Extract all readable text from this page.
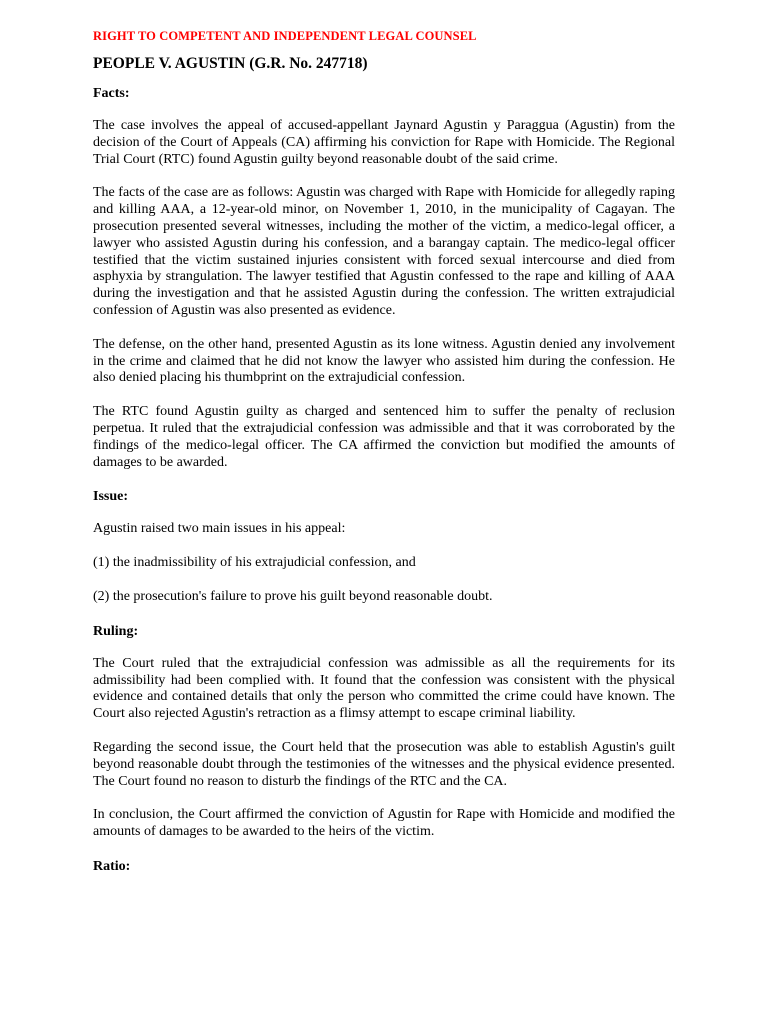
RIGHT TO COMPETENT AND INDEPENDENT LEGAL COUNSEL
PEOPLE V. AGUSTIN (G.R. No. 247718)
Facts:

The case involves the appeal of accused-appellant Jaynard Agustin y Paraggua (Agustin) from the decision of the Court of Appeals (CA) affirming his conviction for Rape with Homicide. The Regional Trial Court (RTC) found Agustin guilty beyond reasonable doubt of the said crime.

The facts of the case are as follows: Agustin was charged with Rape with Homicide for allegedly raping and killing AAA, a 12-year-old minor, on November 1, 2010, in the municipality of Cagayan. The prosecution presented several witnesses, including the mother of the victim, a medico-legal officer, a lawyer who assisted Agustin during his confession, and a barangay captain. The medico-legal officer testified that the victim sustained injuries consistent with forced sexual intercourse and died from asphyxia by strangulation. The lawyer testified that Agustin confessed to the rape and killing of AAA during the investigation and that he assisted Agustin during the confession. The written extrajudicial confession of Agustin was also presented as evidence.

The defense, on the other hand, presented Agustin as its lone witness. Agustin denied any involvement in the crime and claimed that he did not know the lawyer who assisted him during the confession. He also denied placing his thumbprint on the extrajudicial confession.

The RTC found Agustin guilty as charged and sentenced him to suffer the penalty of reclusion perpetua. It ruled that the extrajudicial confession was admissible and that it was corroborated by the findings of the medico-legal officer. The CA affirmed the conviction but modified the amounts of damages to be awarded.

Issue:

Agustin raised two main issues in his appeal:

(1) the inadmissibility of his extrajudicial confession, and

(2) the prosecution's failure to prove his guilt beyond reasonable doubt.

Ruling:

The Court ruled that the extrajudicial confession was admissible as all the requirements for its admissibility had been complied with. It found that the confession was consistent with the physical evidence and contained details that only the person who committed the crime could have known. The Court also rejected Agustin's retraction as a flimsy attempt to escape criminal liability.

Regarding the second issue, the Court held that the prosecution was able to establish Agustin's guilt beyond reasonable doubt through the testimonies of the witnesses and the physical evidence presented. The Court found no reason to disturb the findings of the RTC and the CA.

In conclusion, the Court affirmed the conviction of Agustin for Rape with Homicide and modified the amounts of damages to be awarded to the heirs of the victim.

Ratio:
